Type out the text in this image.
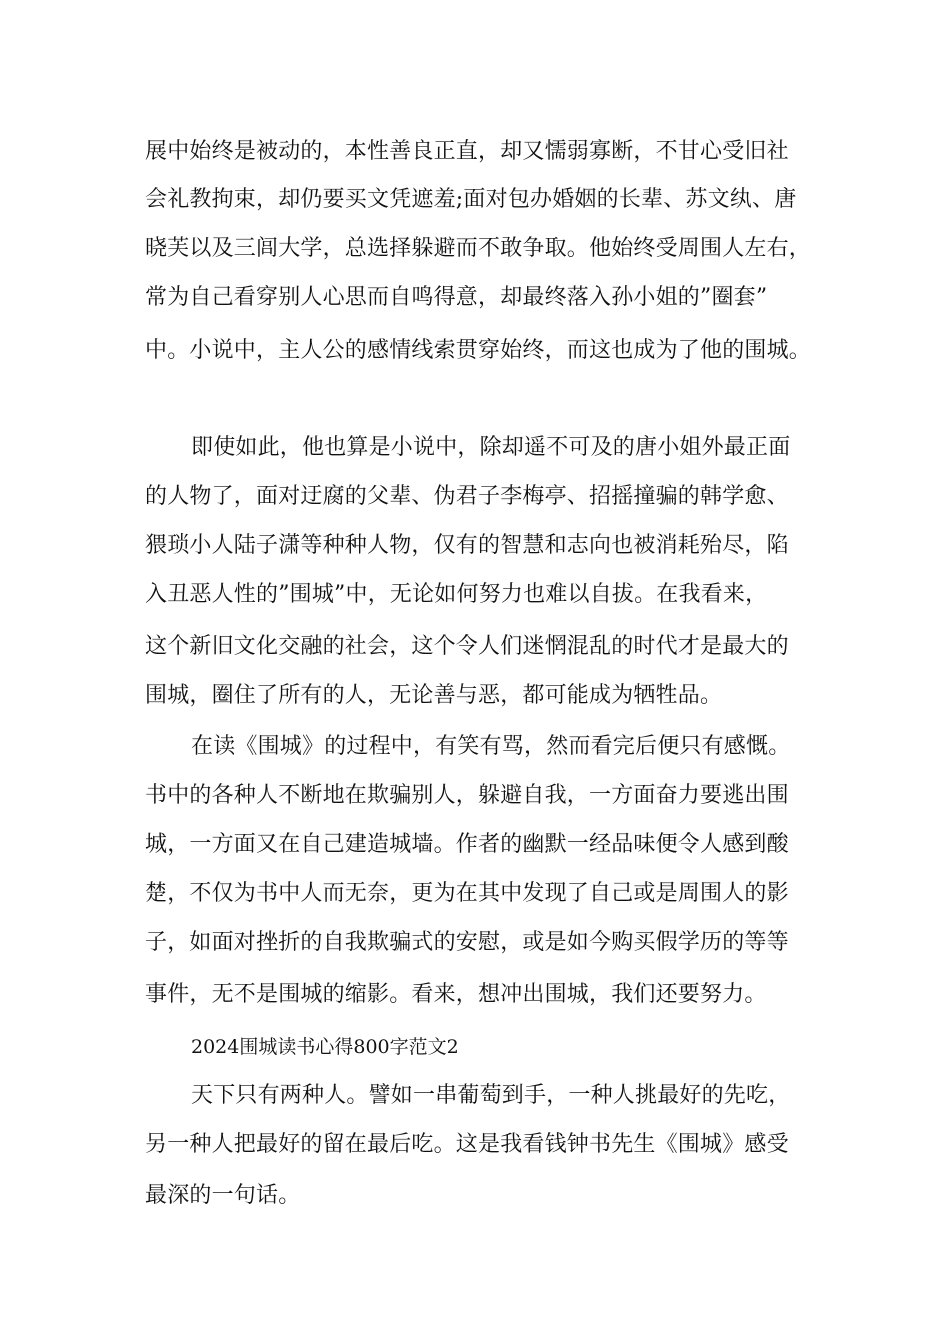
展中始终是被动的，本性善良正直，却又懦弱寡断，不甘心受旧社
会礼教拘束，却仍要买文凭遮羞;面对包办婚姻的长辈、苏文纨、唐
晓芙以及三闾大学，总选择躲避而不敢争取。他始终受周围人左右，
常为自己看穿别人心思而自鸣得意，却最终落入孙小姐的”圈套”
中。小说中，主人公的感情线索贯穿始终，而这也成为了他的围城。
即使如此，他也算是小说中，除却遥不可及的唐小姐外最正面
的人物了，面对迂腐的父辈、伪君子李梅亭、招摇撞骗的韩学愈、
猥琐小人陆子潇等种种人物，仅有的智慧和志向也被消耗殆尽，陷
入丑恶人性的”围城”中，无论如何努力也难以自拔。在我看来，
这个新旧文化交融的社会，这个令人们迷惘混乱的时代才是最大的
围城，圈住了所有的人，无论善与恶，都可能成为牺牲品。
在读《围城》的过程中，有笑有骂，然而看完后便只有感慨。
书中的各种人不断地在欺骗别人，躲避自我，一方面奋力要逃出围
城，一方面又在自己建造城墙。作者的幽默一经品味便令人感到酸
楚，不仅为书中人而无奈，更为在其中发现了自己或是周围人的影
子，如面对挫折的自我欺骗式的安慰，或是如今购买假学历的等等
事件，无不是围城的缩影。看来，想冲出围城，我们还要努力。
2024围城读书心得800字范文2
天下只有两种人。譬如一串葡萄到手，一种人挑最好的先吃，
另一种人把最好的留在最后吃。这是我看钱钟书先生《围城》感受
最深的一句话。
